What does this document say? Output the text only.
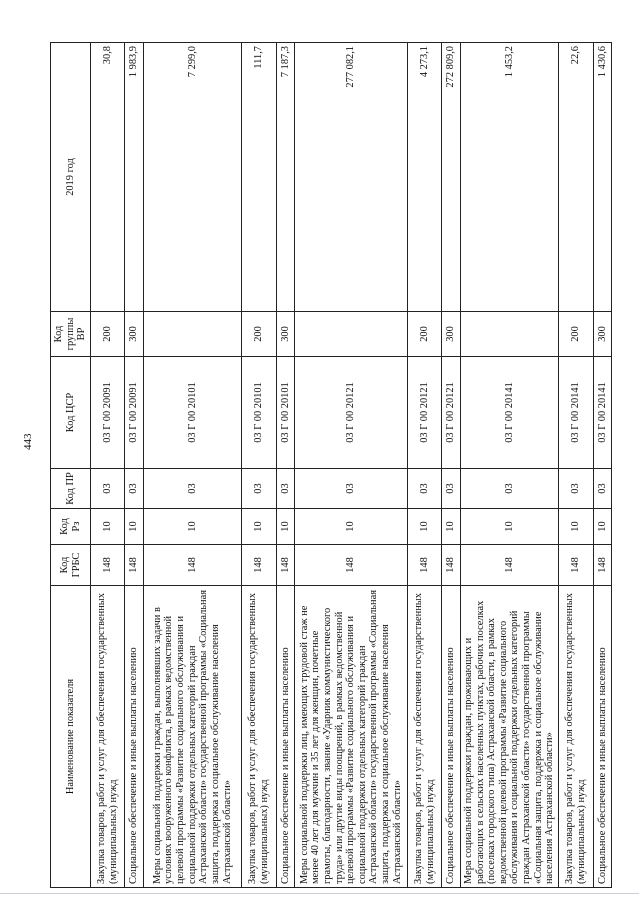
443
Наименование показателя	Код ГРБС	Код Рз	Код ПР	Код ЦСР	Код группы ВР	2019 год
Закупка товаров, работ и услуг для обеспечения государственных (муниципальных) нужд	148	10	03	03 Г 00 20091	200	30,8
Социальное обеспечение и иные выплаты населению	148	10	03	03 Г 00 20091	300	1 983,9
Меры социальной поддержки граждан, выполнявших задачи в условиях вооруженного конфликта, в рамках ведомственной целевой программы «Развитие социального обслуживания и социальной поддержки отдельных категорий граждан Астраханской области» государственной программы «Социальная защита, поддержка и социальное обслуживание населения Астраханской области»	148	10	03	03 Г 00 20101		7 299,0
Закупка товаров, работ и услуг для обеспечения государственных (муниципальных) нужд	148	10	03	03 Г 00 20101	200	111,7
Социальное обеспечение и иные выплаты населению	148	10	03	03 Г 00 20101	300	7 187,3
Меры социальной поддержки лиц, имеющих трудовой стаж не менее 40 лет для мужчин и 35 лет для женщин, почетные грамоты, благодарности, звание «Ударник коммунистического труда» или другие виды поощрений, в рамках ведомственной целевой программы «Развитие социального обслуживания и социальной поддержки отдельных категорий граждан Астраханской области» государственной программы «Социальная защита, поддержка и социальное обслуживание населения Астраханской области»	148	10	03	03 Г 00 20121		277 082,1
Закупка товаров, работ и услуг для обеспечения государственных (муниципальных) нужд	148	10	03	03 Г 00 20121	200	4 273,1
Социальное обеспечение и иные выплаты населению	148	10	03	03 Г 00 20121	300	272 809,0
Мера социальной поддержки граждан, проживающих и работающих в сельских населенных пунктах, рабочих поселках (поселках городского типа) Астраханской области, в рамках ведомственной целевой программы «Развитие социального обслуживания и социальной поддержки отдельных категорий граждан Астраханской области» государственной программы «Социальная защита, поддержка и социальное обслуживание населения Астраханской области»	148	10	03	03 Г 00 20141		1 453,2
Закупка товаров, работ и услуг для обеспечения государственных (муниципальных) нужд	148	10	03	03 Г 00 20141	200	22,6
Социальное обеспечение и иные выплаты населению	148	10	03	03 Г 00 20141	300	1 430,6
